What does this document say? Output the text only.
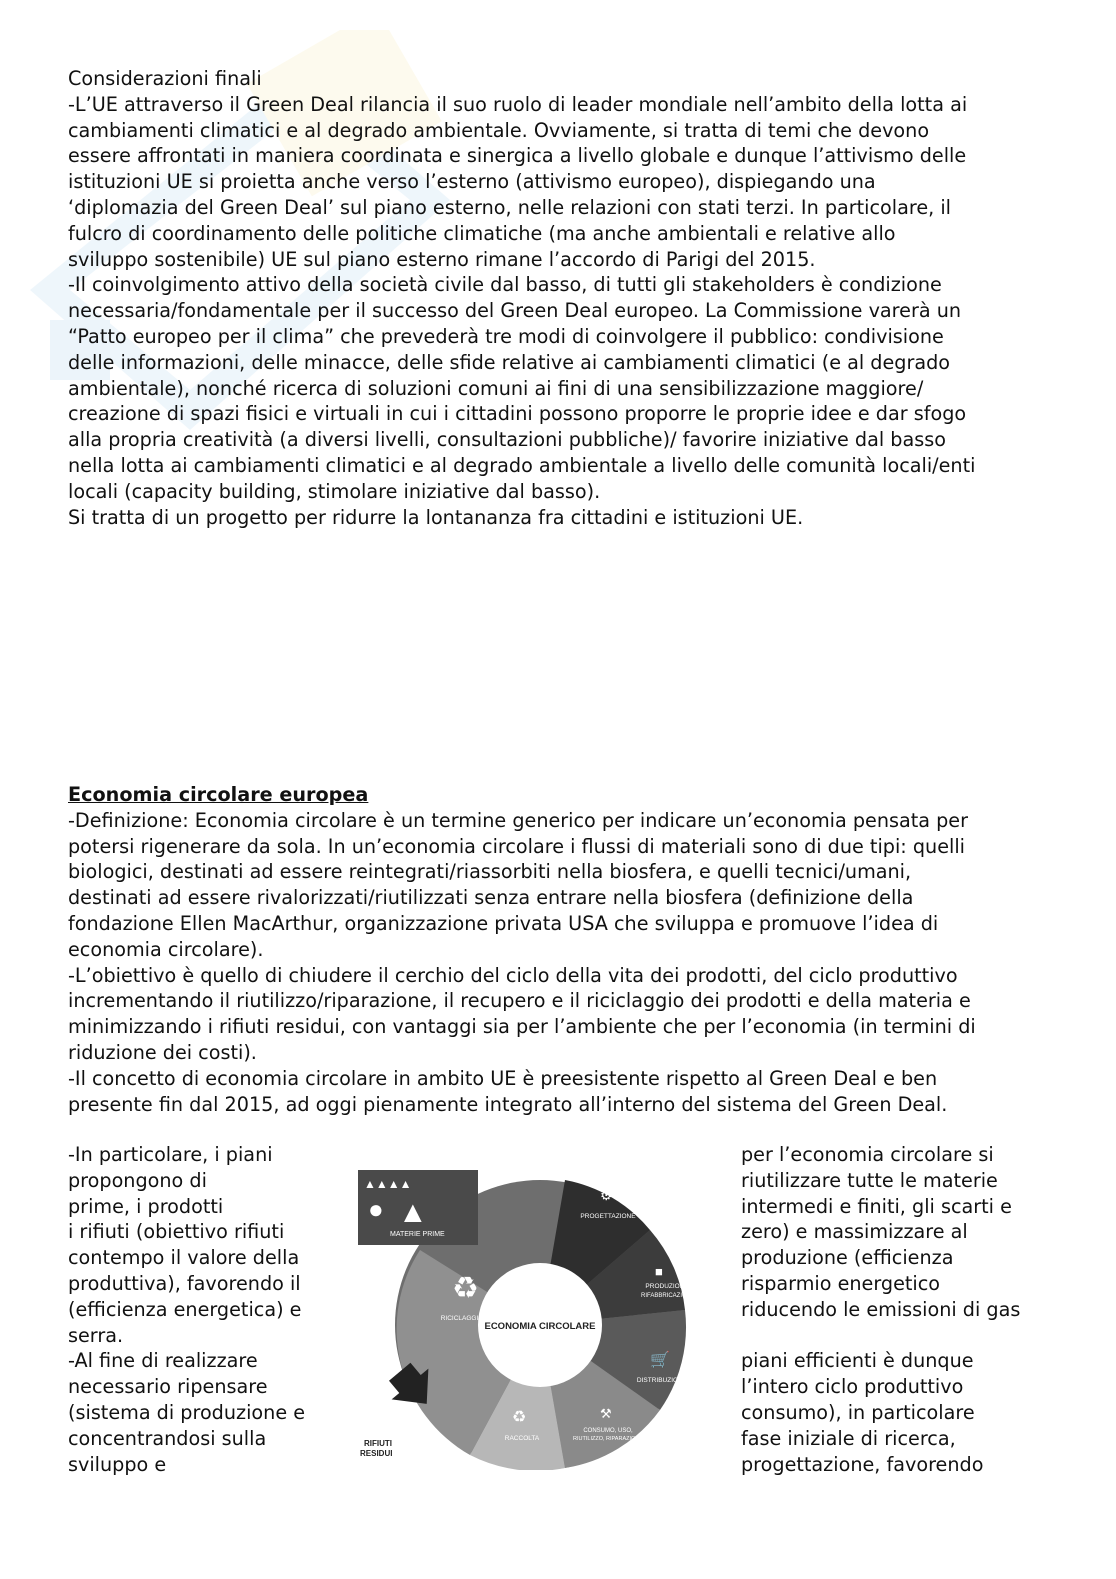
Considerazioni finali

-L’UE attraverso il Green Deal rilancia il suo ruolo di leader mondiale nell’ambito della lotta ai

cambiamenti climatici e al degrado ambientale. Ovviamente, si tratta di temi che devono

essere affrontati in maniera coordinata e sinergica a livello globale e dunque l’attivismo delle

istituzioni UE si proietta anche verso l’esterno (attivismo europeo), dispiegando una

‘diplomazia del Green Deal’ sul piano esterno, nelle relazioni con stati terzi. In particolare, il

fulcro di coordinamento delle politiche climatiche (ma anche ambientali e relative allo

sviluppo sostenibile) UE sul piano esterno rimane l’accordo di Parigi del 2015.

-Il coinvolgimento attivo della società civile dal basso, di tutti gli stakeholders è condizione

necessaria/fondamentale per il successo del Green Deal europeo. La Commissione varerà un

“Patto europeo per il clima” che prevederà tre modi di coinvolgere il pubblico: condivisione

delle informazioni, delle minacce, delle sfide relative ai cambiamenti climatici (e al degrado

ambientale), nonché ricerca di soluzioni comuni ai fini di una sensibilizzazione maggiore/

creazione di spazi fisici e virtuali in cui i cittadini possono proporre le proprie idee e dar sfogo

alla propria creatività (a diversi livelli, consultazioni pubbliche)/ favorire iniziative dal basso

nella lotta ai cambiamenti climatici e al degrado ambientale a livello delle comunità locali/enti

locali (capacity building, stimolare iniziative dal basso).

Si tratta di un progetto per ridurre la lontananza fra cittadini e istituzioni UE.

Economia circolare europea

-Definizione: Economia circolare è un termine generico per indicare un’economia pensata per

potersi rigenerare da sola. In un’economia circolare i flussi di materiali sono di due tipi: quelli

biologici, destinati ad essere reintegrati/riassorbiti nella biosfera, e quelli tecnici/umani,

destinati ad essere rivalorizzati/riutilizzati senza entrare nella biosfera (definizione della

fondazione Ellen MacArthur, organizzazione privata USA che sviluppa e promuove l’idea di

economia circolare).

-L’obiettivo è quello di chiudere il cerchio del ciclo della vita dei prodotti, del ciclo produttivo

incrementando il riutilizzo/riparazione, il recupero e il riciclaggio dei prodotti e della materia e

minimizzando i rifiuti residui, con vantaggi sia per l’ambiente che per l’economia (in termini di

riduzione dei costi).

-Il concetto di economia circolare in ambito UE è preesistente rispetto al Green Deal e ben

presente fin dal 2015, ad oggi pienamente integrato all’interno del sistema del Green Deal.

-In particolare, i piani

propongono di

prime, i prodotti

i rifiuti (obiettivo rifiuti

contempo il valore della

produttiva), favorendo il

(efficienza energetica) e

serra.

-Al fine di realizzare

necessario ripensare

(sistema di produzione e

concentrandosi sulla

sviluppo e

per l’economia circolare si

riutilizzare tutte le materie

intermedi e finiti, gli scarti e

zero) e massimizzare al

produzione (efficienza

risparmio energetico

riducendo le emissioni di gas

piani efficienti è dunque

l’intero ciclo produttivo

consumo), in particolare

fase iniziale di ricerca,

progettazione, favorendo

▲▲▲▲
● ▲
MATERIE PRIME
ECONOMIA CIRCOLARE
PROGETTAZIONE
⚙
PRODUZIONE,
RIFABBRICAZIONE
■
DISTRIBUZIONE
🛒
CONSUMO, USO,
RIUTILIZZO, RIPARAZIONE
⚒
RACCOLTA
♻
RICICLAGGIO
♻
RIFIUTI
RESIDUI
